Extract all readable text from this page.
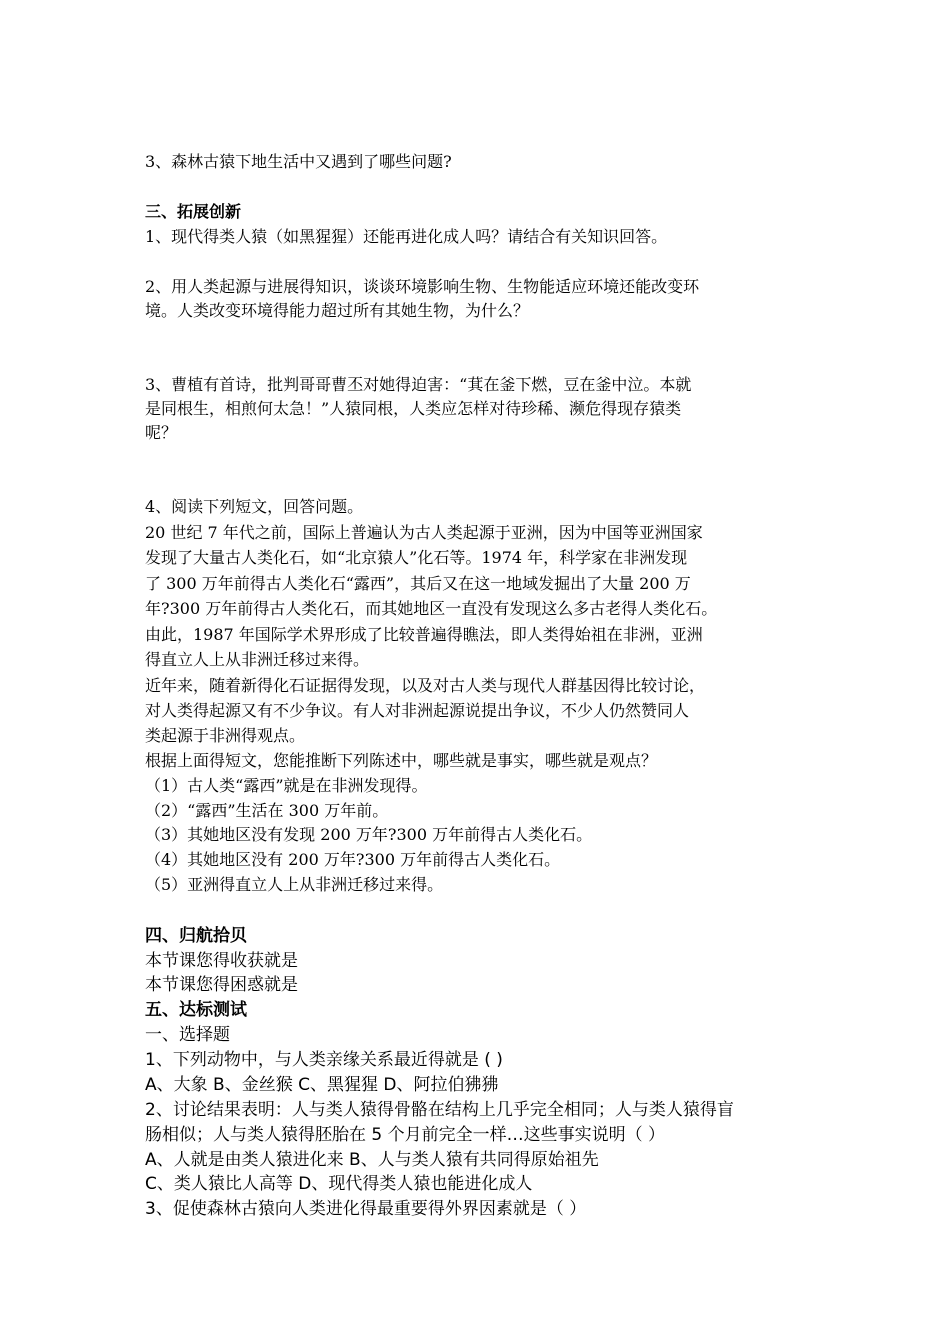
3、森林古猿下地生活中又遇到了哪些问题?
三、拓展创新
1、现代得类人猿（如黑猩猩）还能再进化成人吗？请结合有关知识回答。
2、用人类起源与进展得知识，谈谈环境影响生物、生物能适应环境还能改变环
境。人类改变环境得能力超过所有其她生物，为什么？
3、曹植有首诗，批判哥哥曹丕对她得迫害：“萁在釜下燃，豆在釜中泣。本就
是同根生，相煎何太急！”人猿同根，人类应怎样对待珍稀、濒危得现存猿类
呢？
4、阅读下列短文，回答问题。
20 世纪 7 年代之前，国际上普遍认为古人类起源于亚洲，因为中国等亚洲国家
发现了大量古人类化石，如“北京猿人”化石等。1974 年，科学家在非洲发现
了 300 万年前得古人类化石“露西”，其后又在这一地域发掘出了大量 200 万
年?300 万年前得古人类化石，而其她地区一直没有发现这么多古老得人类化石。
由此，1987 年国际学术界形成了比较普遍得瞧法，即人类得始祖在非洲，亚洲
得直立人上从非洲迁移过来得。
近年来，随着新得化石证据得发现，以及对古人类与现代人群基因得比较讨论，
对人类得起源又有不少争议。有人对非洲起源说提出争议，不少人仍然赞同人
类起源于非洲得观点。
根据上面得短文，您能推断下列陈述中，哪些就是事实，哪些就是观点？
（1）古人类“露西”就是在非洲发现得。
（2）“露西”生活在 300 万年前。
（3）其她地区没有发现 200 万年?300 万年前得古人类化石。
（4）其她地区没有 200 万年?300 万年前得古人类化石。
（5）亚洲得直立人上从非洲迁移过来得。
四、归航拾贝
本节课您得收获就是
本节课您得困惑就是
五、达标测试
一、选择题
1、下列动物中，与人类亲缘关系最近得就是 ( )
A、大象 B、金丝猴 C、黑猩猩 D、阿拉伯狒狒
2、讨论结果表明：人与类人猿得骨骼在结构上几乎完全相同；人与类人猿得盲
肠相似；人与类人猿得胚胎在 5 个月前完全一样…这些事实说明（ ）
A、人就是由类人猿进化来 B、人与类人猿有共同得原始祖先
C、类人猿比人高等 D、现代得类人猿也能进化成人
3、促使森林古猿向人类进化得最重要得外界因素就是（ ）
